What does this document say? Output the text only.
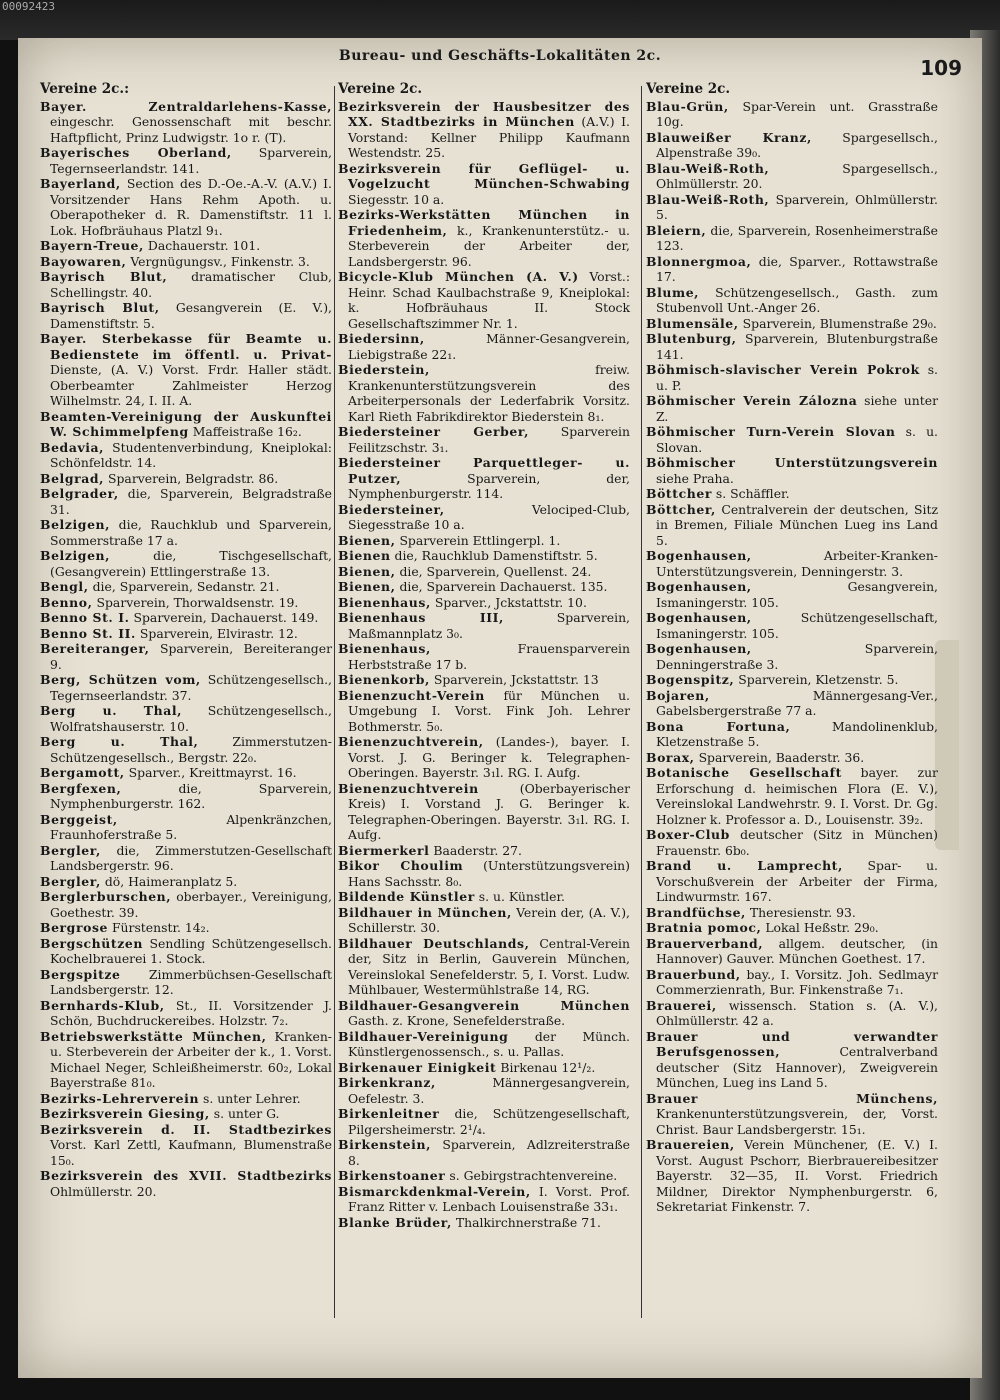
00092423
Bureau- und Geschäfts-Lokalitäten 2c.	109
Vereine 2c.:

Bayer. Zentraldarlehens-Kasse, eingeschr. Genossenschaft mit beschr. Haftpflicht, Prinz Ludwigstr. 1o r. (T).

Bayerisches Oberland, Sparverein, Tegernseerlandstr. 141.

Bayerland, Section des D.-Oe.-A.-V. (A.V.) I. Vorsitzender Hans Rehm Apoth. u. Oberapotheker d. R. Damenstiftstr. 11 l. Lok. Hofbräuhaus Platzl 9₁.

Bayern-Treue, Dachauerstr. 101.

Bayowaren, Vergnügungsv., Finkenstr. 3.

Bayrisch Blut, dramatischer Club, Schellingstr. 40.

Bayrisch Blut, Gesangverein (E. V.), Damenstiftstr. 5.

Bayer. Sterbekasse für Beamte u. Bedienstete im öffentl. u. Privat- Dienste, (A. V.) Vorst. Frdr. Haller städt. Oberbeamter Zahlmeister Herzog Wilhelmstr. 24, I. II. A.

Beamten-Vereinigung der Auskunftei W. Schimmelpfeng Maffeistraße 16₂.

Bedavia, Studentenverbindung, Kneiplokal: Schönfeldstr. 14.

Belgrad, Sparverein, Belgradstr. 86.

Belgrader, die, Sparverein, Belgradstraße 31.

Belzigen, die, Rauchklub und Sparverein, Sommerstraße 17 a.

Belzigen,	die, Tischgesellschaft, (Gesangverein) Ettlingerstraße 13.

Bengl, die, Sparverein, Sedanstr. 21.

Benno, Sparverein, Thorwaldsenstr. 19.

Benno St. I. Sparverein, Dachauerst. 149.

Benno St. II. Sparverein, Elvirastr. 12.

Bereiteranger, Sparverein, Bereiteranger 9.

Berg, Schützen vom, Schützengesellsch., Tegernseerlandstr. 37.

Berg u. Thal, Schützengesellsch., Wolfratshauserstr. 10.

Berg u. Thal,	Zimmerstutzen-Schützengesellsch., Bergstr. 22₀.

Bergamott, Sparver., Kreittmayrst. 16.

Bergfexen,	die, Sparverein, Nymphenburgerstr. 162.

Berggeist,	Alpenkränzchen, Fraunhoferstraße 5.

Bergler, die, Zimmerstutzen-Gesellschaft Landsbergerstr. 96.

Bergler, dö, Haimeranplatz 5.

Berglerburschen, oberbayer., Vereinigung, Goethestr. 39.

Bergrose Fürstenstr. 14₂.

Bergschützen Sendling Schützengesellsch. Kochelbrauerei 1. Stock.

Bergspitze Zimmerbüchsen-Gesellschaft Landsbergerstr. 12.

Bernhards-Klub, St., II. Vorsitzender J. Schön, Buchdruckereibes. Holzstr. 7₂.

Betriebswerkstätte München, Kranken- u. Sterbeverein der Arbeiter der k., 1. Vorst. Michael Neger, Schleißheimerstr. 60₂, Lokal Bayerstraße 81₀.

Bezirks-Lehrerverein s. unter Lehrer.

Bezirksverein Giesing, s. unter G.

Bezirksverein d. II. Stadtbezirkes Vorst. Karl Zettl, Kaufmann, Blumenstraße 15₀.

Bezirksverein des XVII. Stadtbezirks Ohlmüllerstr. 20.

Vereine 2c.

Bezirksverein der Hausbesitzer des XX. Stadtbezirks in München (A.V.) I. Vorstand: Kellner Philipp Kaufmann Westendstr. 25.

Bezirksverein für Geflügel- u. Vogelzucht München-Schwabing Siegesstr. 10 a.

Bezirks-Werkstätten München in Friedenheim, k., Krankenunterstütz.- u. Sterbeverein der Arbeiter der, Landsbergerstr. 96.

Bicycle-Klub München (A. V.) Vorst.: Heinr. Schad Kaulbachstraße 9, Kneiplokal: k. Hofbräuhaus II. Stock Gesellschaftszimmer Nr. 1.

Biedersinn,	Männer-Gesangverein, Liebigstraße 22₁.

Biederstein,	freiw. Krankenunterstützungsverein des Arbeiterpersonals der Lederfabrik Vorsitz. Karl Rieth Fabrikdirektor Biederstein 8₁.

Biedersteiner Gerber,	Sparverein Feilitzschstr. 3₁.

Biedersteiner Parquettleger- u. Putzer,	Sparverein, der, Nymphenburgerstr. 114.

Biedersteiner,	Velociped-Club, Siegesstraße 10 a.

Bienen, Sparverein Ettlingerpl. 1.

Bienen die, Rauchklub Damenstiftstr. 5.

Bienen, die, Sparverein, Quellenst. 24.

Bienen, die, Sparverein Dachauerst. 135.

Bienenhaus, Sparver., Jckstattstr. 10.

Bienenhaus III,	Sparverein, Maßmannplatz 3₀.

Bienenhaus,	Frauensparverein Herbststraße 17 b.

Bienenkorb, Sparverein, Jckstattstr. 13

Bienenzucht-Verein für München u. Umgebung I. Vorst. Fink Joh. Lehrer Bothmerstr. 5₀.

Bienenzuchtverein, (Landes-), bayer. I. Vorst. J. G. Beringer k. Telegraphen-Oberingen. Bayerstr. 3₁l. RG. I. Aufg.

Bienenzuchtverein	(Oberbayerischer Kreis) I. Vorstand J. G. Beringer k. Telegraphen-Oberingen. Bayerstr. 3₁l. RG. I. Aufg.

Biermerkerl Baaderstr. 27.

Bikor Choulim (Unterstützungsverein) Hans Sachsstr. 8₀.

Bildende Künstler s. u. Künstler.

Bildhauer in München, Verein der, (A. V.), Schillerstr. 30.

Bildhauer Deutschlands, Central-Verein der, Sitz in Berlin, Gauverein München, Vereinslokal Senefelderstr. 5, I. Vorst. Ludw. Mühlbauer, Westermühlstraße 14, RG.

Bildhauer-Gesangverein München Gasth. z. Krone, Senefelderstraße.

Bildhauer-Vereinigung der Münch. Künstlergenossensch., s. u. Pallas.

Birkenauer Einigkeit Birkenau 12¹/₂.

Birkenkranz,	Männergesangverein, Oefelestr. 3.

Birkenleitner die, Schützengesellschaft, Pilgersheimerstr. 2¹/₄.

Birkenstein, Sparverein, Adlzreiterstraße 8.

Birkenstoaner s. Gebirgstrachtenvereine.

Bismarckdenkmal-Verein, I. Vorst. Prof. Franz Ritter v. Lenbach Louisenstraße 33₁.

Blanke Brüder, Thalkirchnerstraße 71.

Vereine 2c.

Blau-Grün, Spar-Verein unt. Grasstraße 10g.

Blauweißer Kranz, Spargesellsch., Alpenstraße 39₀.

Blau-Weiß-Roth,	Spargesellsch., Ohlmüllerstr. 20.

Blau-Weiß-Roth, Sparverein, Ohlmüllerstr. 5.

Bleiern, die, Sparverein, Rosenheimerstraße 123.

Blonnergmoa, die, Sparver., Rottawstraße 17.

Blume, Schützengesellsch., Gasth. zum Stubenvoll Unt.-Anger 26.

Blumensäle, Sparverein, Blumenstraße 29₀.

Blutenburg, Sparverein, Blutenburgstraße 141.

Böhmisch-slavischer Verein Pokrok s. u. P.

Böhmischer Verein Zálozna siehe unter Z.

Böhmischer Turn-Verein Slovan s. u. Slovan.

Böhmischer Unterstützungsverein siehe Praha.

Böttcher s. Schäffler.

Böttcher, Centralverein der deutschen, Sitz in Bremen, Filiale München Lueg ins Land 5.

Bogenhausen,	Arbeiter-Kranken-Unterstützungsverein, Denningerstr. 3.

Bogenhausen,	Gesangverein, Ismaningerstr. 105.

Bogenhausen,	Schützengesellschaft, Ismaningerstr. 105.

Bogenhausen,	Sparverein, Denningerstraße 3.

Bogenspitz, Sparverein, Kletzenstr. 5.

Bojaren,	Männergesang-Ver., Gabelsbergerstraße 77 a.

Bona Fortuna,	Mandolinenklub, Kletzenstraße 5.

Borax, Sparverein, Baaderstr. 36.

Botanische Gesellschaft bayer. zur Erforschung d. heimischen Flora (E. V.), Vereinslokal Landwehrstr. 9. I. Vorst. Dr. Gg. Holzner k. Professor a. D., Louisenstr. 39₂.

Boxer-Club deutscher (Sitz in München) Frauenstr. 6b₀.

Brand u. Lamprecht, Spar- u. Vorschußverein der Arbeiter der Firma, Lindwurmstr. 167.

Brandfüchse, Theresienstr. 93.

Bratnia pomoc, Lokal Heßstr. 29₀.

Brauerverband, allgem. deutscher, (in Hannover) Gauver. München Goethest. 17.

Brauerbund, bay., I. Vorsitz. Joh. Sedlmayr Commerzienrath, Bur. Finkenstraße 7₁.

Brauerei, wissensch. Station s. (A. V.), Ohlmüllerstr. 42 a.

Brauer und verwandter Berufsgenossen,	Centralverband deutscher (Sitz Hannover), Zweigverein München, Lueg ins Land 5.

Brauer Münchens, Krankenunterstützungsverein, der, Vorst. Christ. Baur Landsbergerstr. 15₁.

Brauereien, Verein Münchener, (E. V.) I. Vorst. August Pschorr, Bierbrauereibesitzer Bayerstr. 32—35, II. Vorst. Friedrich Mildner, Direktor Nymphenburgerstr. 6, Sekretariat Finkenstr. 7.
